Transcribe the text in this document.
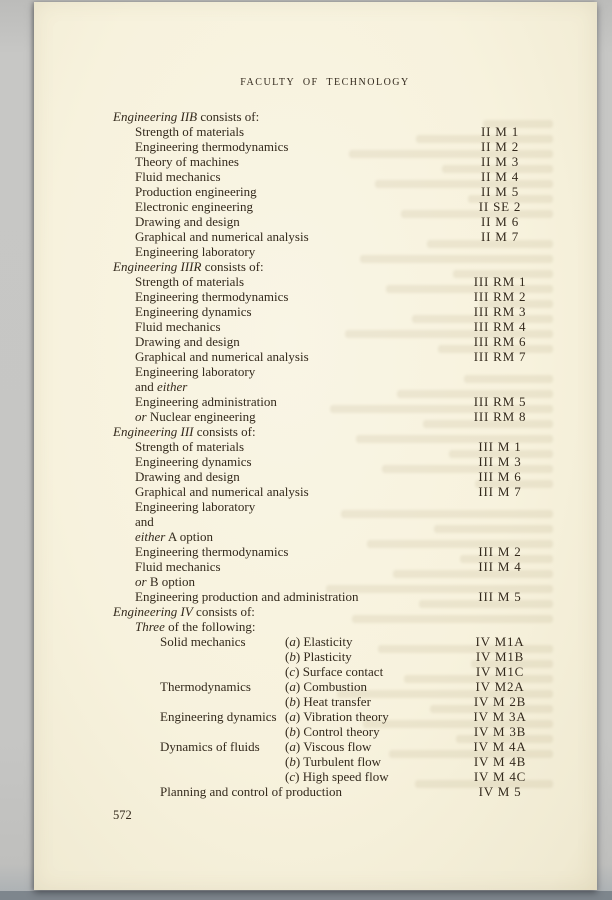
FACULTY OF TECHNOLOGY
Engineering IIB consists of:
Strength of materials	II M 1
Engineering thermodynamics	II M 2
Theory of machines	II M 3
Fluid mechanics	II M 4
Production engineering	II M 5
Electronic engineering	II SE 2
Drawing and design	II M 6
Graphical and numerical analysis	II M 7
Engineering laboratory
Engineering IIIR consists of:
Strength of materials	III RM 1
Engineering thermodynamics	III RM 2
Engineering dynamics	III RM 3
Fluid mechanics	III RM 4
Drawing and design	III RM 6
Graphical and numerical analysis	III RM 7
Engineering laboratory
and either
Engineering administration	III RM 5
or Nuclear engineering	III RM 8
Engineering III consists of:
Strength of materials	III M 1
Engineering dynamics	III M 3
Drawing and design	III M 6
Graphical and numerical analysis	III M 7
Engineering laboratory
and
either A option
Engineering thermodynamics	III M 2
Fluid mechanics	III M 4
or B option
Engineering production and administration	III M 5
Engineering IV consists of:
Three of the following:
Solid mechanics	(a) Elasticity	IV M1A
(b) Plasticity	IV M1B
(c) Surface contact	IV M1C
Thermodynamics	(a) Combustion	IV M2A
(b) Heat transfer	IV M 2B
Engineering dynamics (a) Vibration theory	IV M 3A
(b) Control theory	IV M 3B
Dynamics of fluids (a) Viscous flow	IV M 4A
(b) Turbulent flow	IV M 4B
(c) High speed flow	IV M 4C
Planning and control of production	IV M 5
572
